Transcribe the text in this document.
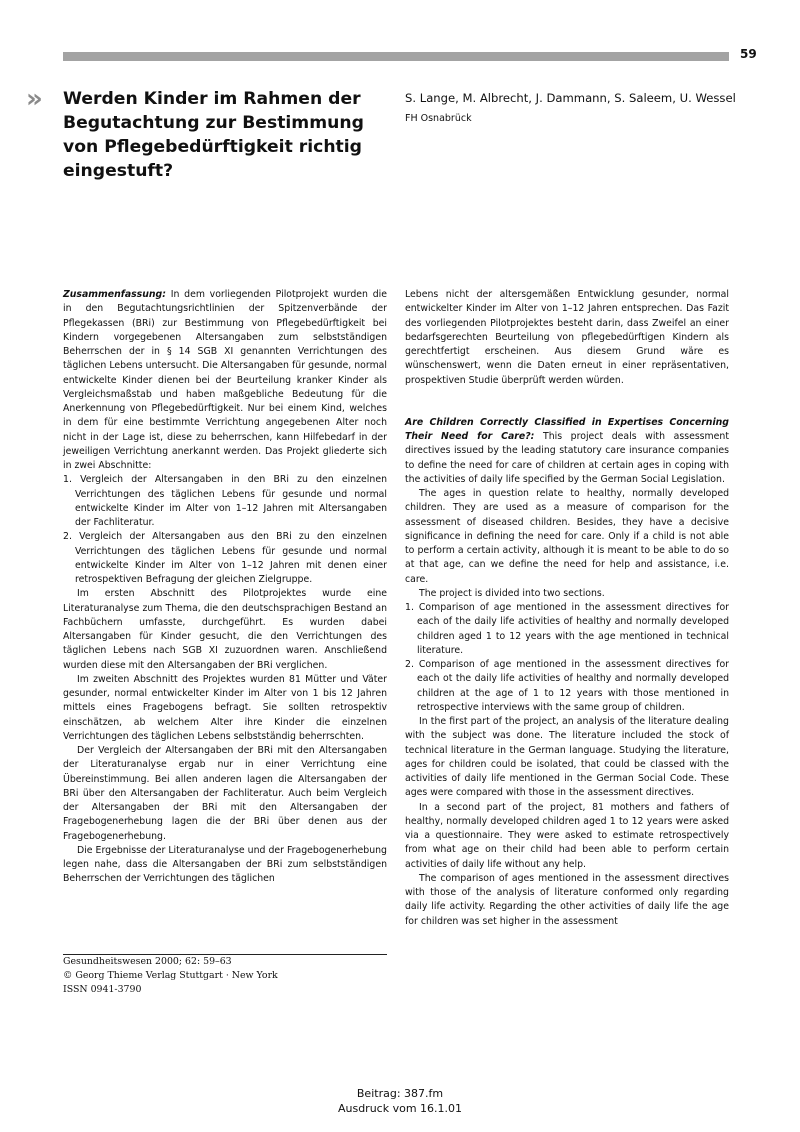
59
» Werden Kinder im Rahmen der Begutachtung zur Bestimmung von Pflegebedürftigkeit richtig eingestuft?
S. Lange, M. Albrecht, J. Dammann, S. Saleem, U. Wessel
FH Osnabrück

Zusammenfassung: In dem vorliegenden Pilotprojekt wurden die in den Begutachtungsrichtlinien der Spitzenverbände der Pflegekassen (BRi) zur Bestimmung von Pflegebedürftigkeit bei Kindern vorgegebenen Altersangaben zum selbstständigen Beherrschen der in § 14 SGB XI genannten Verrichtungen des täglichen Lebens untersucht. Die Altersangaben für gesunde, normal entwickelte Kinder dienen bei der Beurteilung kranker Kinder als Vergleichsmaßstab und haben maßgebliche Bedeutung für die Anerkennung von Pflegebedürftigkeit. Nur bei einem Kind, welches in dem für eine bestimmte Verrichtung angegebenen Alter noch nicht in der Lage ist, diese zu beherrschen, kann Hilfebedarf in der jeweiligen Verrichtung anerkannt werden. Das Projekt gliederte sich in zwei Abschnitte:

1. Vergleich der Altersangaben in den BRi zu den einzelnen Verrichtungen des täglichen Lebens für gesunde und normal entwickelte Kinder im Alter von 1–12 Jahren mit Altersangaben der Fachliteratur.
2. Vergleich der Altersangaben aus den BRi zu den einzelnen Verrichtungen des täglichen Lebens für gesunde und normal entwickelte Kinder im Alter von 1–12 Jahren mit denen einer retrospektiven Befragung der gleichen Zielgruppe.

Im ersten Abschnitt des Pilotprojektes wurde eine Literaturanalyse zum Thema, die den deutschsprachigen Bestand an Fachbüchern umfasste, durchgeführt. Es wurden dabei Altersangaben für Kinder gesucht, die den Verrichtungen des täglichen Lebens nach SGB XI zuzuordnen waren. Anschließend wurden diese mit den Altersangaben der BRi verglichen.

Im zweiten Abschnitt des Projektes wurden 81 Mütter und Väter gesunder, normal entwickelter Kinder im Alter von 1 bis 12 Jahren mittels eines Fragebogens befragt. Sie sollten retrospektiv einschätzen, ab welchem Alter ihre Kinder die einzelnen Verrichtungen des täglichen Lebens selbstständig beherrschten.

Der Vergleich der Altersangaben der BRi mit den Altersangaben der Literaturanalyse ergab nur in einer Verrichtung eine Übereinstimmung. Bei allen anderen lagen die Altersangaben der BRi über den Altersangaben der Fachliteratur. Auch beim Vergleich der Altersangaben der BRi mit den Altersangaben der Fragebogenerhebung lagen die der BRi über denen aus der Fragebogenerhebung.

Die Ergebnisse der Literaturanalyse und der Fragebogenerhebung legen nahe, dass die Altersangaben der BRi zum selbstständigen Beherrschen der Verrichtungen des täglichen

Lebens nicht der altersgemäßen Entwicklung gesunder, normal entwickelter Kinder im Alter von 1–12 Jahren entsprechen. Das Fazit des vorliegenden Pilotprojektes besteht darin, dass Zweifel an einer bedarfsgerechten Beurteilung von pflegebedürftigen Kindern als gerechtfertigt erscheinen. Aus diesem Grund wäre es wünschenswert, wenn die Daten erneut in einer repräsentativen, prospektiven Studie überprüft werden würden.

Are Children Correctly Classified in Expertises Concerning Their Need for Care?: This project deals with assessment directives issued by the leading statutory care insurance companies to define the need for care of children at certain ages in coping with the activities of daily life specified by the German Social Legislation.

The ages in question relate to healthy, normally developed children. They are used as a measure of comparison for the assessment of diseased children. Besides, they have a decisive significance in defining the need for care. Only if a child is not able to perform a certain activity, although it is meant to be able to do so at that age, can we define the need for help and assistance, i.e. care.

The project is divided into two sections.

1. Comparison of age mentioned in the assessment directives for each of the daily life activities of healthy and normally developed children aged 1 to 12 years with the age mentioned in technical literature.
2. Comparison of age mentioned in the assessment directives for each ot the daily life activities of healthy and normally developed children at the age of 1 to 12 years with those mentioned in retrospective interviews with the same group of children.

In the first part of the project, an analysis of the literature dealing with the subject was done. The literature included the stock of technical literature in the German language. Studying the literature, ages for children could be isolated, that could be classed with the activities of daily life mentioned in the German Social Code. These ages were compared with those in the assessment directives.

In a second part of the project, 81 mothers and fathers of healthy, normally developed children aged 1 to 12 years were asked via a questionnaire. They were asked to estimate retrospectively from what age on their child had been able to perform certain activities of daily life without any help.

The comparison of ages mentioned in the assessment directives with those of the analysis of literature conformed only regarding daily life activity. Regarding the other activities of daily life the age for children was set higher in the assessment

Gesundheitswesen 2000; 62: 59–63
© Georg Thieme Verlag Stuttgart · New York
ISSN 0941-3790
Beitrag: 387.fm
Ausdruck vom 16.1.01
